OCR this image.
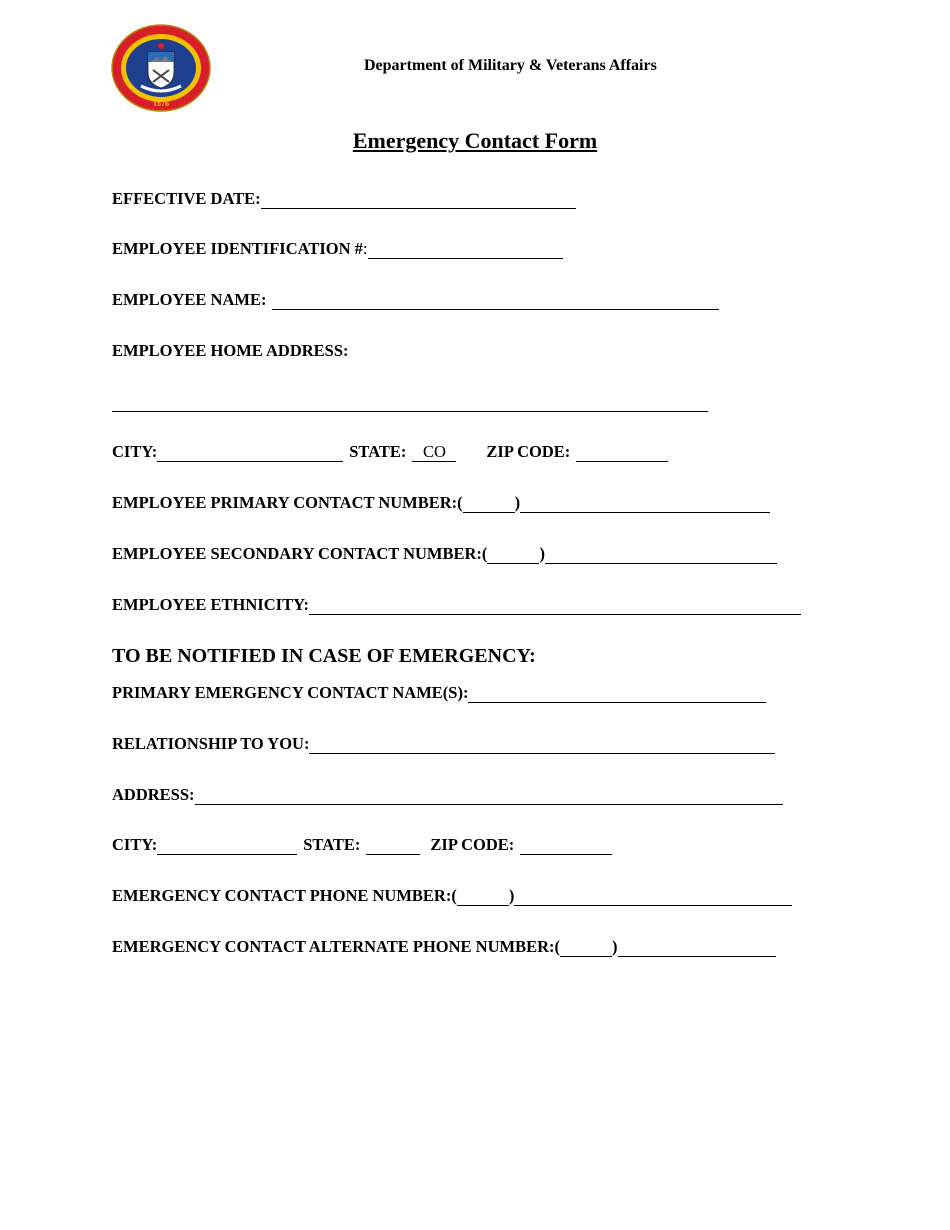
1876
Department of Military & Veterans Affairs
Emergency Contact Form
EFFECTIVE DATE:
EMPLOYEE IDENTIFICATION # :
EMPLOYEE NAME:
EMPLOYEE HOME ADDRESS:
CITY:	STATE:	CO	ZIP CODE:
EMPLOYEE PRIMARY CONTACT NUMBER:(	)
EMPLOYEE SECONDARY CONTACT NUMBER:(	)
EMPLOYEE ETHNICITY:
TO BE NOTIFIED IN CASE OF EMERGENCY:
PRIMARY EMERGENCY CONTACT NAME(S):
RELATIONSHIP TO YOU:
ADDRESS:
CITY:	STATE:	ZIP CODE:
EMERGENCY CONTACT PHONE NUMBER:(	)
EMERGENCY CONTACT ALTERNATE PHONE NUMBER:(	)
